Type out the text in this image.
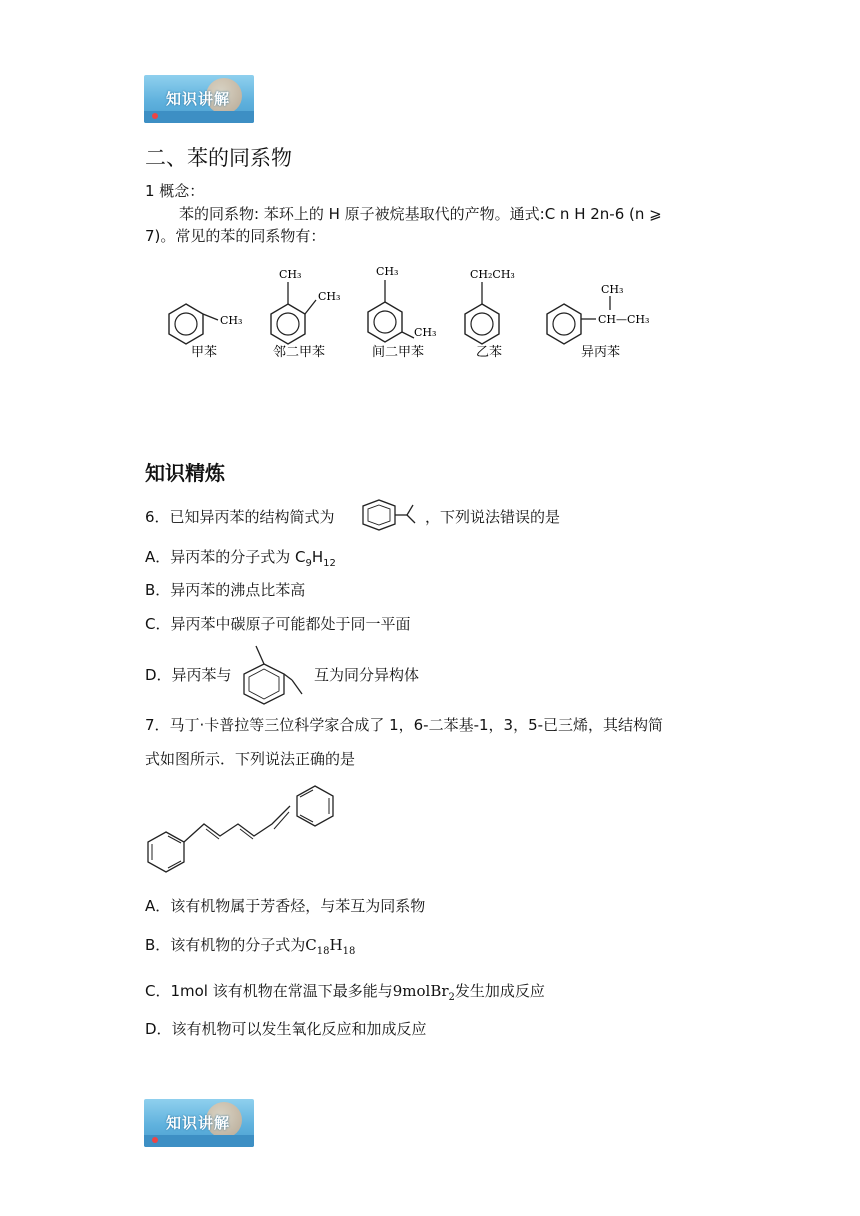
知识讲解
二、苯的同系物
1 概念：
苯的同系物: 苯环上的 H 原子被烷基取代的产物。通式:C n H 2n-6 (n ⩾
7)。常见的苯的同系物有：
CH₃
甲苯
CH₃
CH₃
邻二甲苯
CH₃
CH₃
间二甲苯
CH₂CH₃
乙苯
CH₃
CH—CH₃
异丙苯
知识精炼
6．已知异丙苯的结构简式为	，下列说法错误的是
A．异丙苯的分子式为 $C_9H_{12}$
B．异丙苯的沸点比苯高
C．异丙苯中碳原子可能都处于同一平面
D．异丙苯与	互为同分异构体
7．马丁·卡普拉等三位科学家合成了 1，6-二苯基-1，3，5-已三烯，其结构简
式如图所示．下列说法正确的是
A．该有机物属于芳香烃，与苯互为同系物
B．该有机物的分子式为$C_{18}H_{18}$
C．1mol 该有机物在常温下最多能与9molBr$_2$发生加成反应
D．该有机物可以发生氧化反应和加成反应
知识讲解
